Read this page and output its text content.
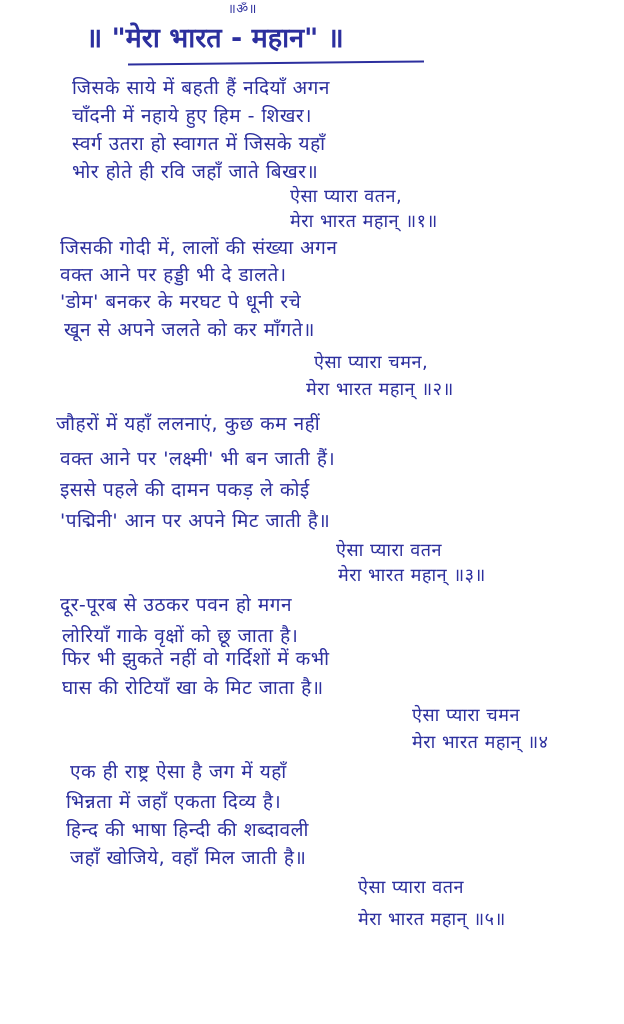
॥ॐ॥
॥ "मेरा भारत - महान" ॥
जिसके साये में बहती हैं नदियाँ अगन
चाँदनी में नहाये हुए हिम - शिखर।
स्वर्ग उतरा हो स्वागत में जिसके यहाँ
भोर होते ही रवि जहाँ जाते बिखर॥
ऐसा प्यारा वतन,
मेरा भारत महान् ॥१॥
जिसकी गोदी में, लालों की संख्या अगन
वक्त आने पर हड्डी भी दे डालते।
'डोम' बनकर के मरघट पे धूनी रचे
खून से अपने जलते को कर माँगते॥
ऐसा प्यारा चमन,
मेरा भारत महान् ॥२॥
जौहरों में यहाँ ललनाएं, कुछ कम नहीं
वक्त आने पर 'लक्ष्मी' भी बन जाती हैं।
इससे पहले की दामन पकड़ ले कोई
'पद्मिनी' आन पर अपने मिट जाती है॥
ऐसा प्यारा वतन
मेरा भारत महान् ॥३॥
दूर-पूरब से उठकर पवन हो मगन
लोरियाँ गाके वृक्षों को छू जाता है।
फिर भी झुकते नहीं वो गर्दिशों में कभी
घास की रोटियाँ खा के मिट जाता है॥
ऐसा प्यारा चमन
मेरा भारत महान् ॥४
एक ही राष्ट्र ऐसा है जग में यहाँ
भिन्नता में जहाँ एकता दिव्य है।
हिन्द की भाषा हिन्दी की शब्दावली
जहाँ खोजिये, वहाँ मिल जाती है॥
ऐसा प्यारा वतन
मेरा भारत महान् ॥५॥
